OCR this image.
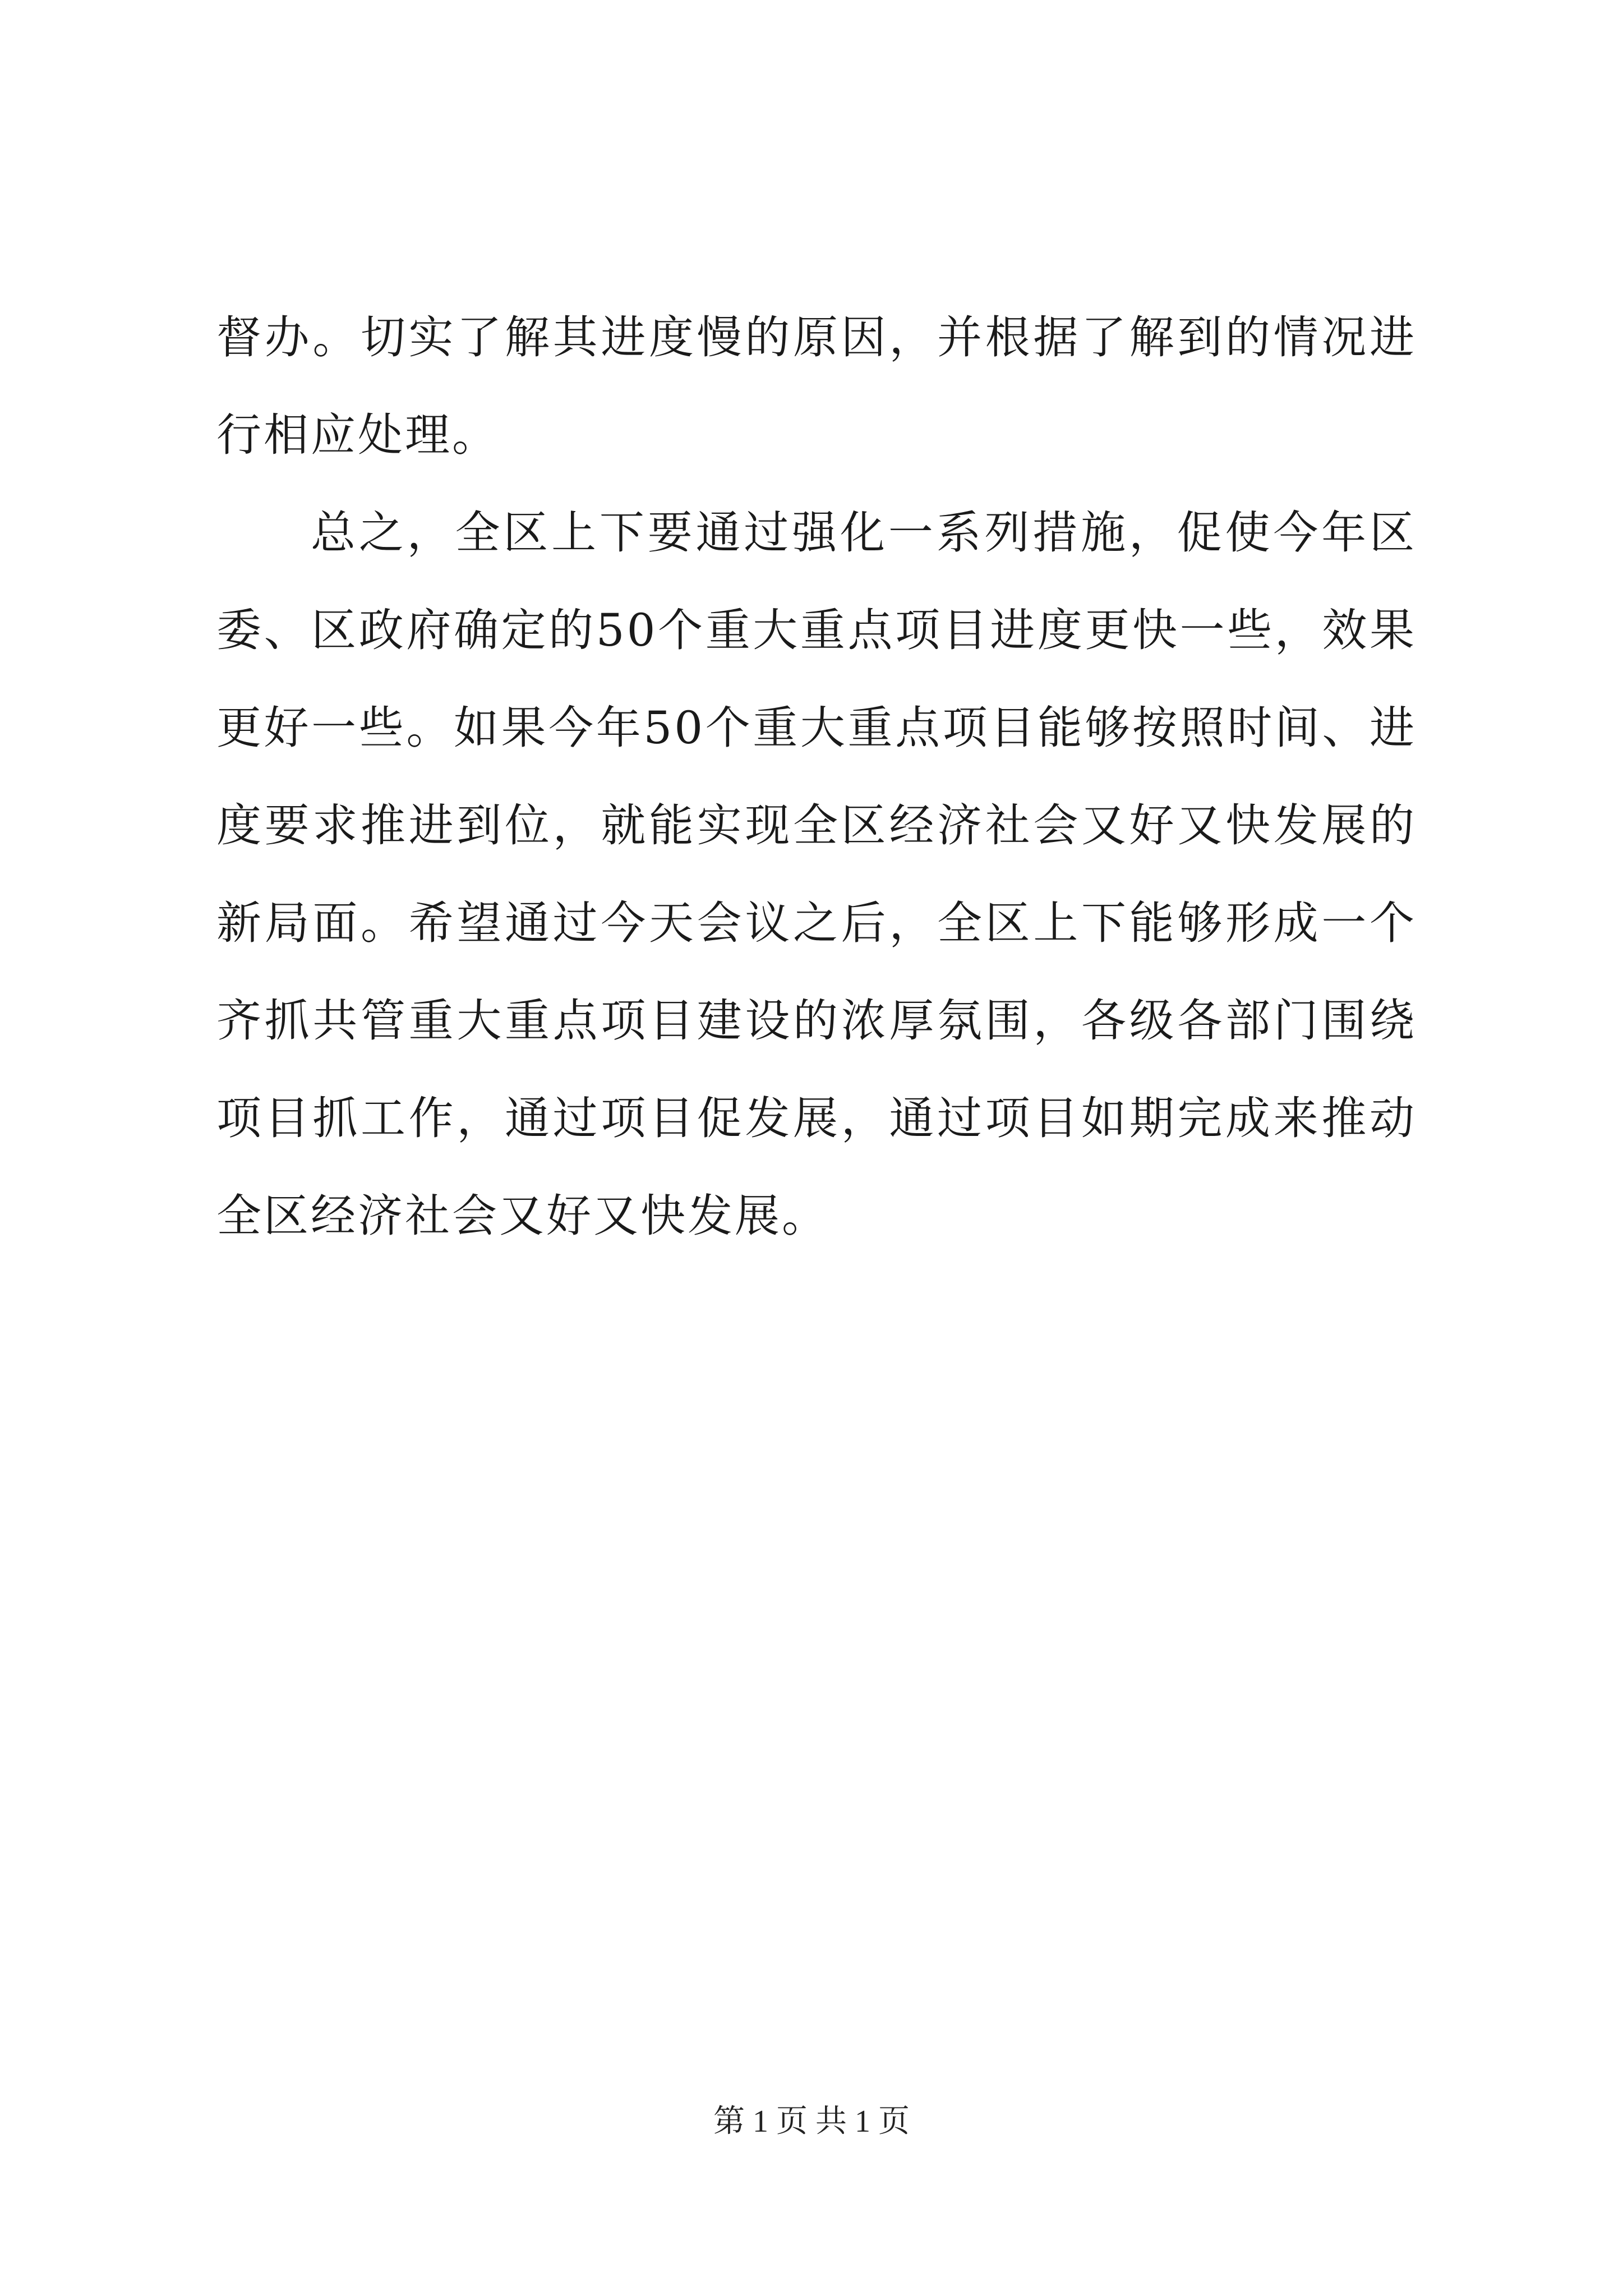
督办。切实了解其进度慢的原因，并根据了解到的情况进行相应处理。

总之，全区上下要通过强化一系列措施，促使今年区委、区政府确定的50个重大重点项目进度更快一些，效果更好一些。如果今年50个重大重点项目能够按照时间、进度要求推进到位，就能实现全区经济社会又好又快发展的新局面。希望通过今天会议之后，全区上下能够形成一个齐抓共管重大重点项目建设的浓厚氛围，各级各部门围绕项目抓工作，通过项目促发展，通过项目如期完成来推动全区经济社会又好又快发展。

第 1 页 共 1 页
